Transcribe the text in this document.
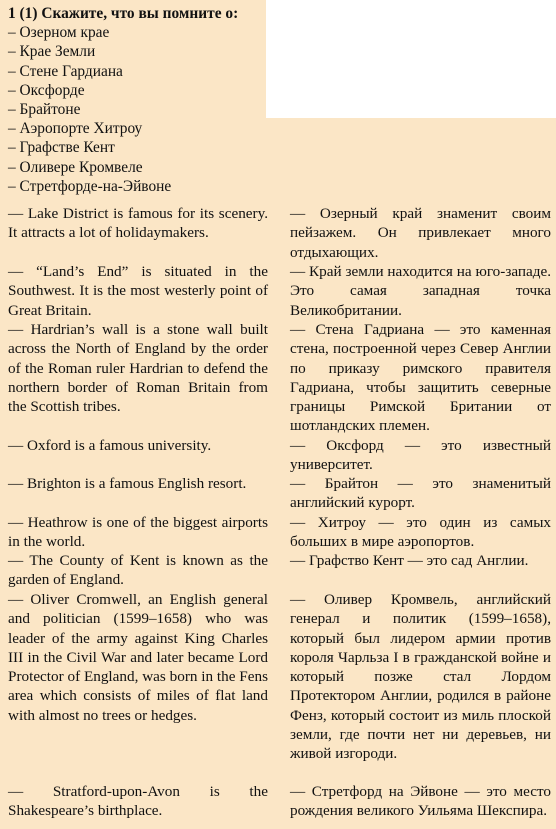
1 (1) Скажите, что вы помните о:
– Озерном крае
– Крае Земли
– Стене Гардиана
– Оксфорде
– Брайтоне
– Аэропорте Хитроу
– Графстве Кент
– Оливере Кромвеле
– Стретфорде-на-Эйвоне

— Lake District is famous for its scenery. It attracts a lot of holidaymakers.

— “Land’s End” is situated in the Southwest. It is the most westerly point of Great Britain.

— Hardrian’s wall is a stone wall built across the North of England by the order of the Roman ruler Hardrian to defend the northern border of Roman Britain from the Scottish tribes.

— Oxford is a famous university.

— Brighton is a famous English resort.

— Heathrow is one of the biggest airports in the world.

— The County of Kent is known as the garden of England.

— Oliver Cromwell, an English general and politician (1599–1658) who was leader of the army against King Charles III in the Civil War and later became Lord Protector of England, was born in the Fens area which consists of miles of flat land with almost no trees or hedges.

— Stratford-upon-Avon is the Shakespeare’s birthplace.

— Озерный край знаменит своим пейзажем. Он привлекает много отдыхающих.

— Край земли находится на юго-западе. Это самая западная точка Великобритании.

— Стена Гадриана — это каменная стена, построенной через Север Англии по приказу римского правителя Гадриана, чтобы защитить северные границы Римской Британии от шотландских племен.

— Оксфорд — это известный университет.

— Брайтон — это знаменитый английский курорт.

— Хитроу — это один из самых больших в мире аэропортов.

— Графство Кент — это сад Англии.

— Оливер Кромвель, английский генерал и политик (1599–1658), который был лидером армии против короля Чарльза I в гражданской войне и который позже стал Лордом Протектором Англии, родился в районе Фенз, который состоит из миль плоской земли, где почти нет ни деревьев, ни живой изгороди.

— Стретфорд на Эйвоне — это место рождения великого Уильяма Шекспира.
